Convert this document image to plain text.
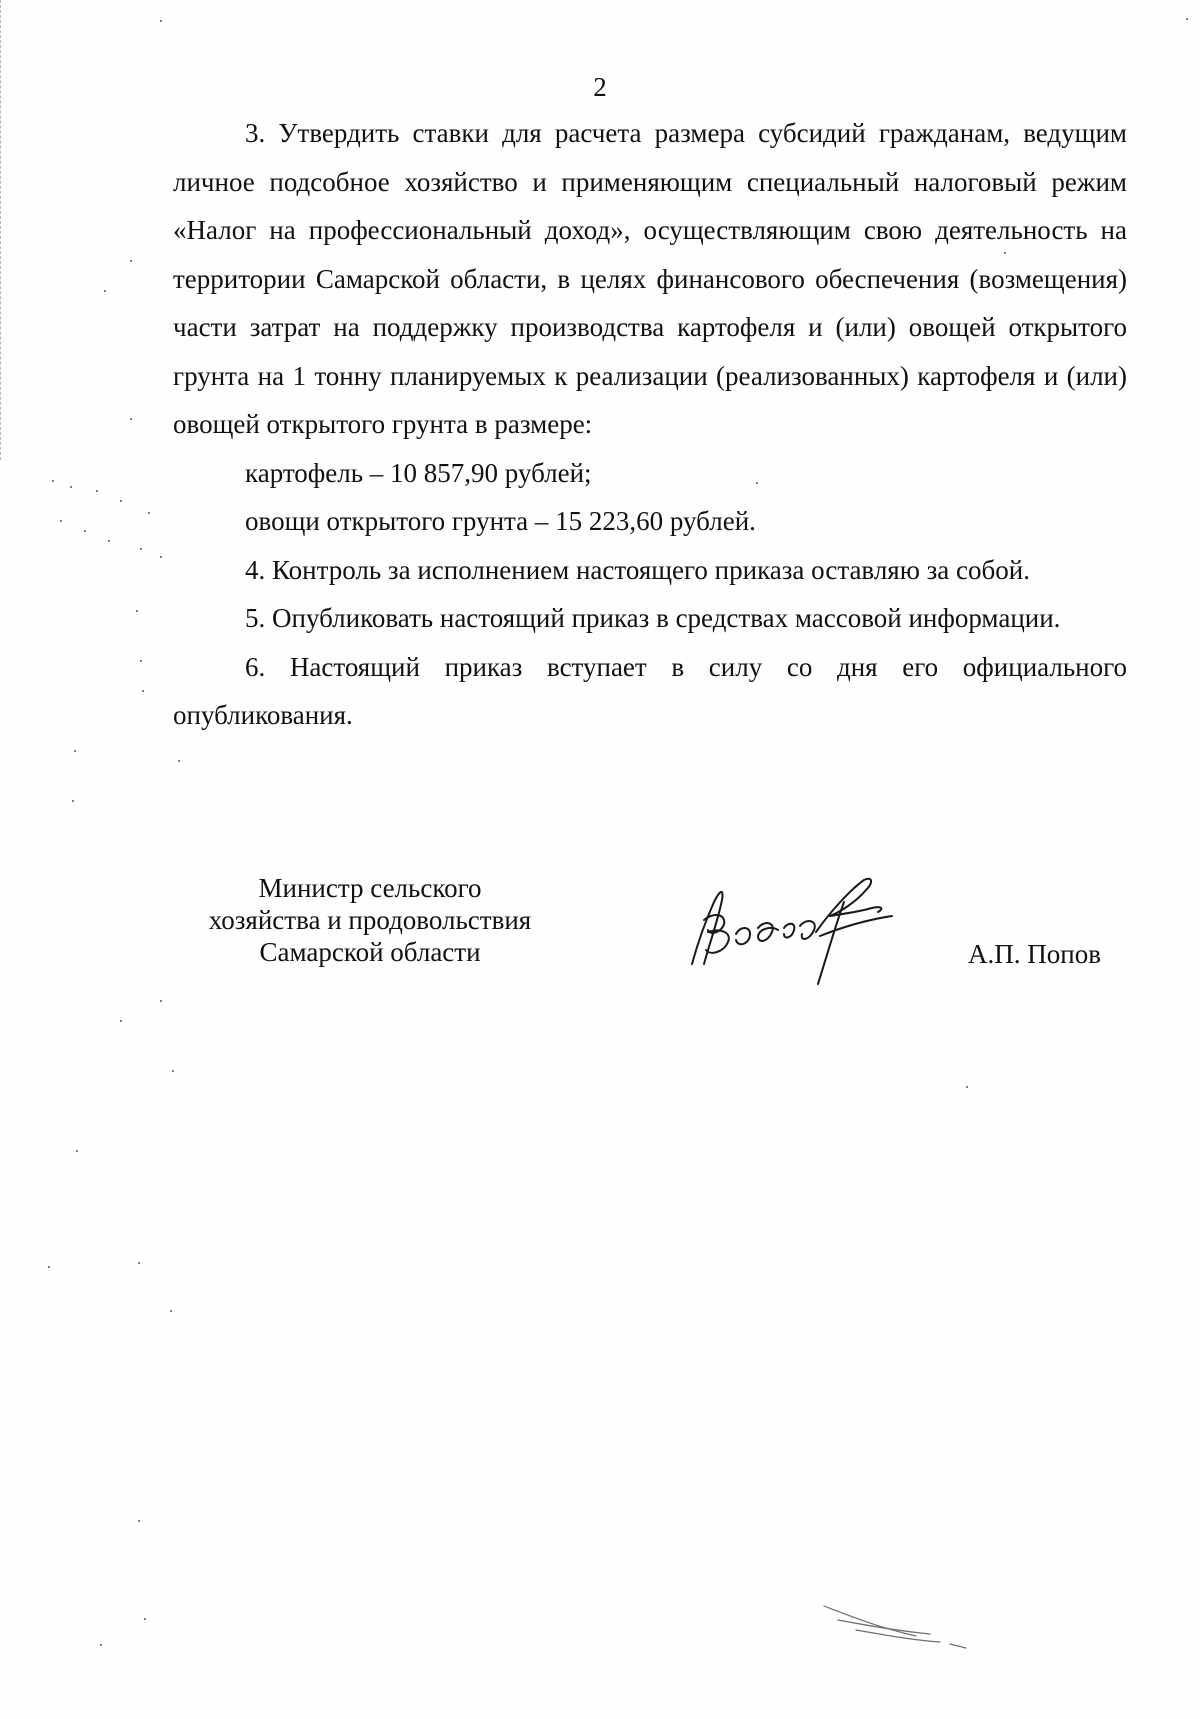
2

3. Утвердить ставки для расчета размера субсидий гражданам, ведущим личное подсобное хозяйство и применяющим специальный налоговый режим «Налог на профессиональный доход», осуществляющим свою деятельность на территории Самарской области, в целях финансового обеспечения (возмещения) части затрат на поддержку производства картофеля и (или) овощей открытого грунта на 1 тонну планируемых к реализации (реализованных) картофеля и (или) овощей открытого грунта в размере:

картофель – 10 857,90 рублей;

овощи открытого грунта – 15 223,60 рублей.

4. Контроль за исполнением настоящего приказа оставляю за собой.

5. Опубликовать настоящий приказ в средствах массовой информации.

6. Настоящий приказ вступает в силу со дня его официального опубликования.

Министр сельского
хозяйства и продовольствия
Самарской области	А.П. Попов
